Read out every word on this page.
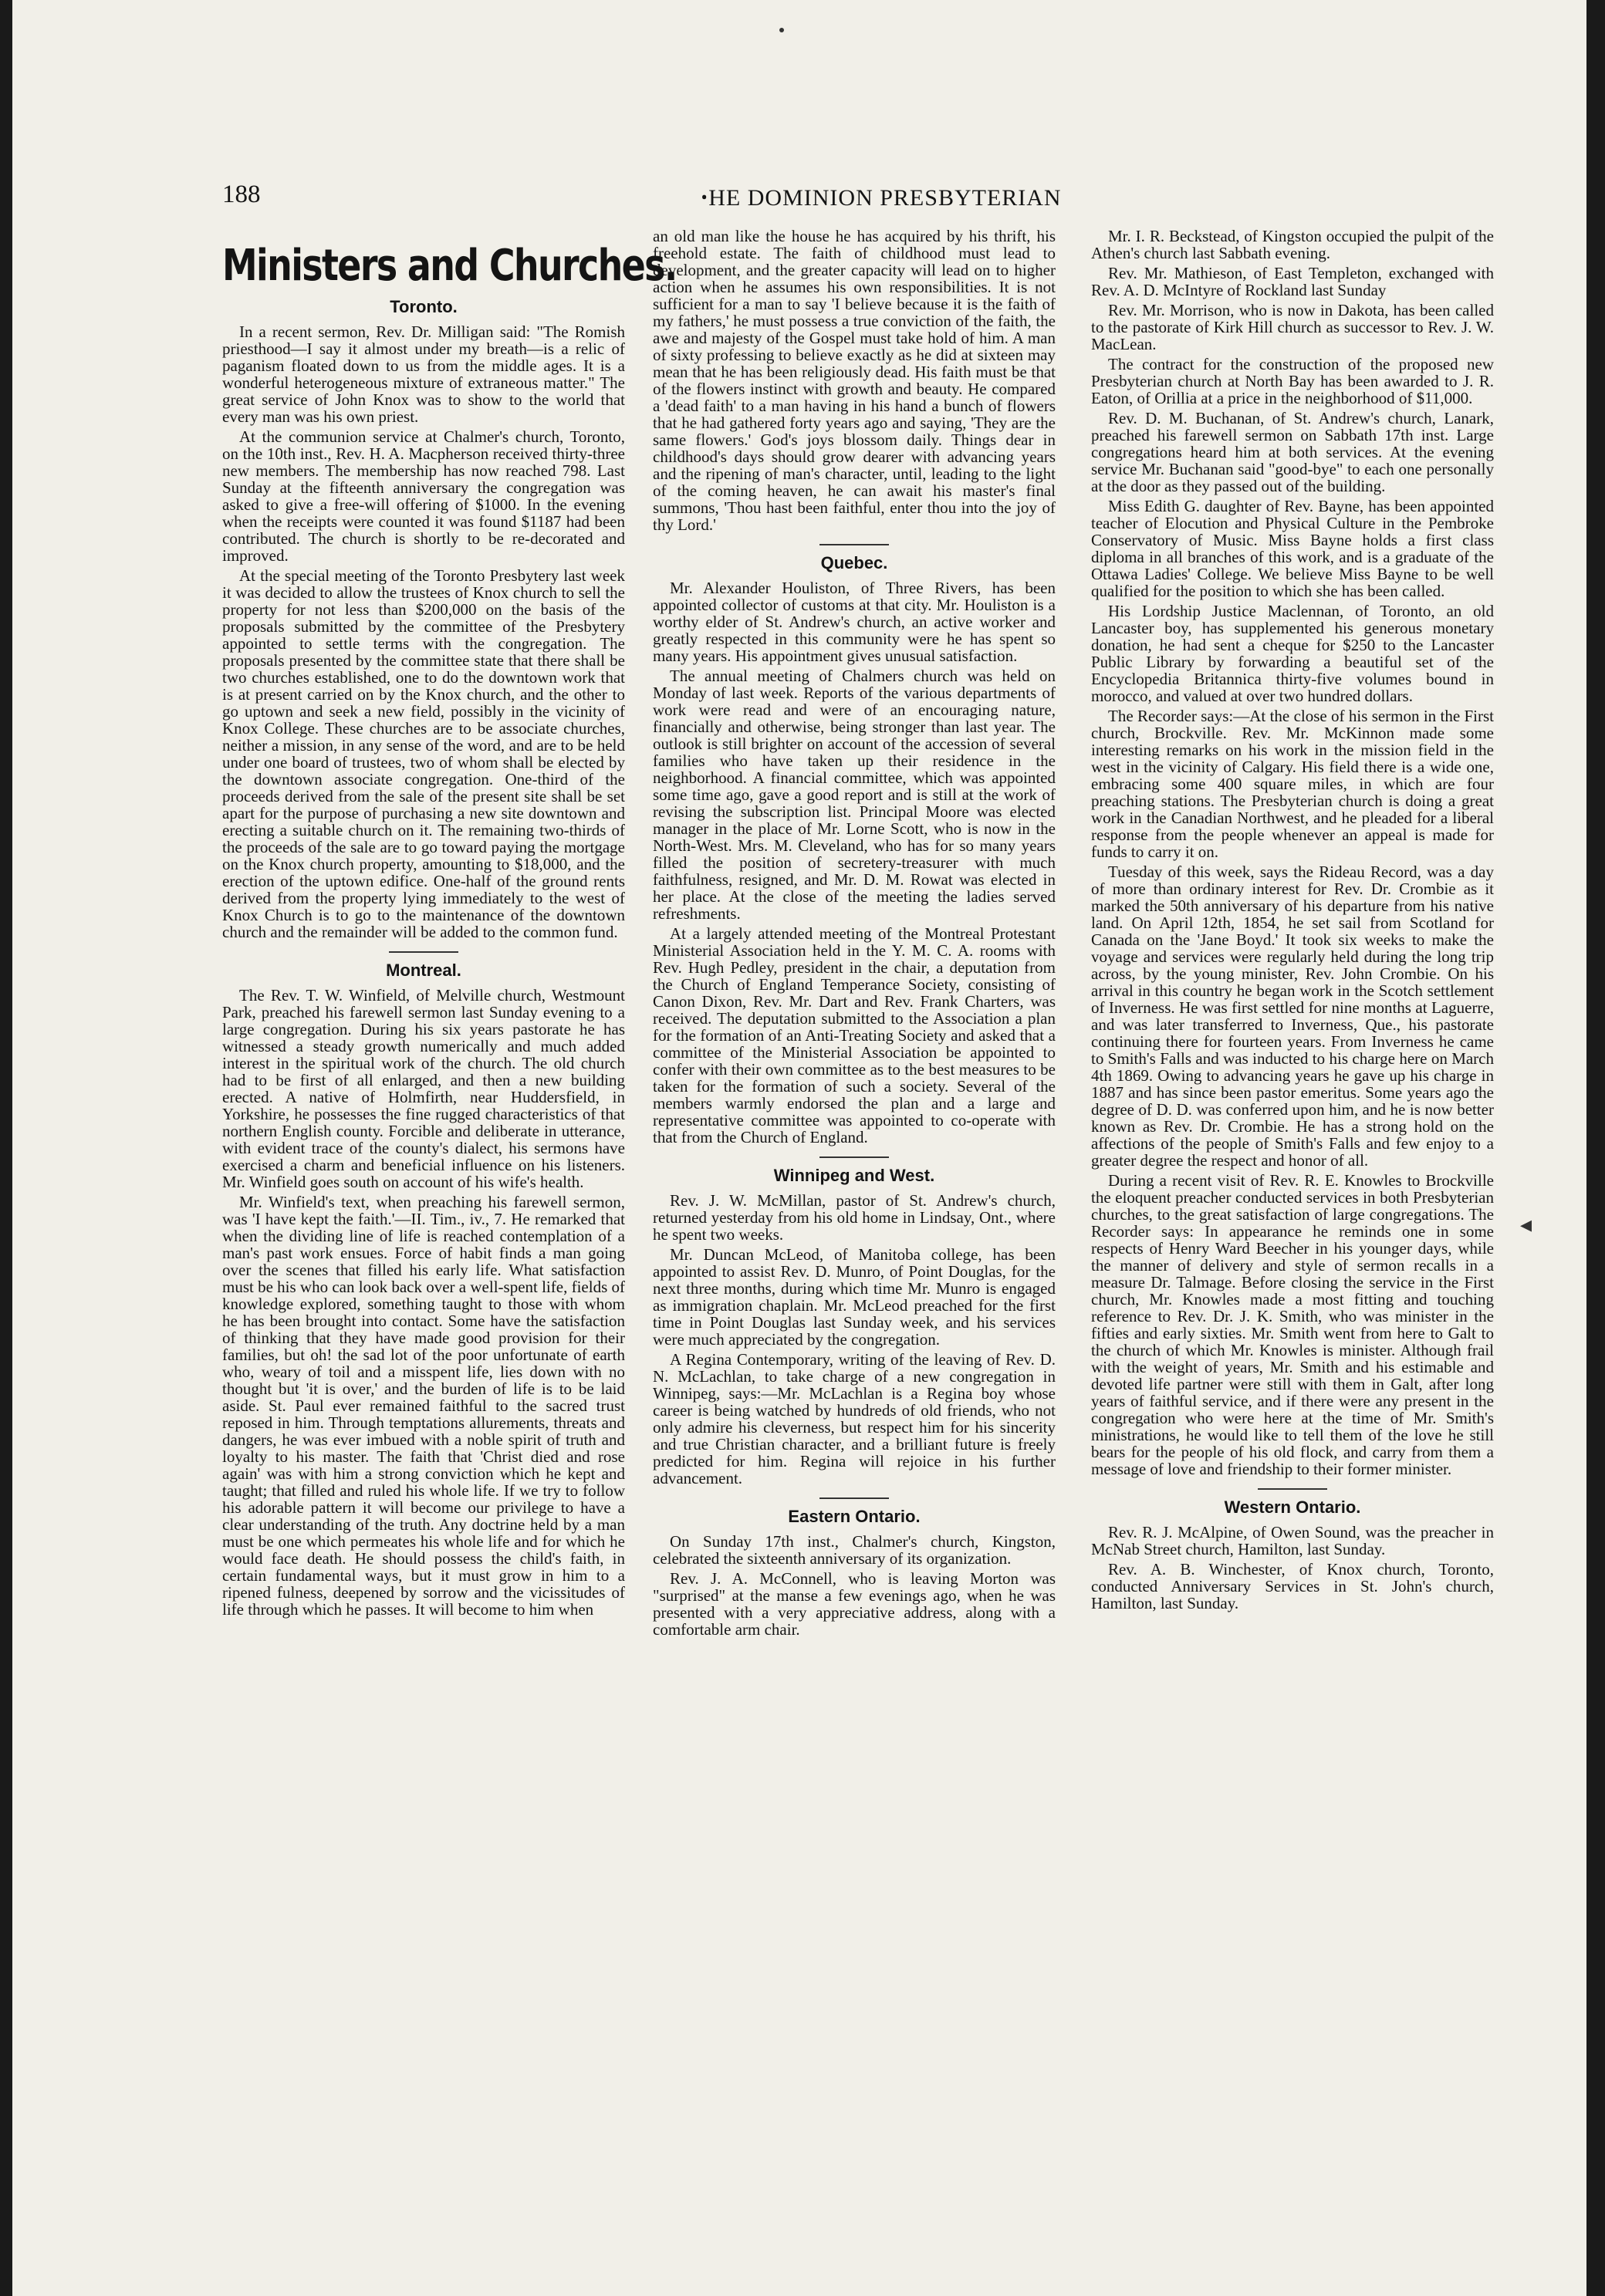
188	ꞏHE DOMINION PRESBYTERIAN
Ministers and Churches.
Toronto.

In a recent sermon, Rev. Dr. Milligan said: "The Romish priesthood—I say it almost under my breath—is a relic of paganism floated down to us from the middle ages. It is a wonderful heterogeneous mixture of extraneous matter." The great service of John Knox was to show to the world that every man was his own priest.

At the communion service at Chalmer's church, Toronto, on the 10th inst., Rev. H. A. Macpherson received thirty-three new members. The membership has now reached 798. Last Sunday at the fifteenth anniversary the congregation was asked to give a free-will offering of $1000. In the evening when the receipts were counted it was found $1187 had been contributed. The church is shortly to be re-decorated and improved.

At the special meeting of the Toronto Presbytery last week it was decided to allow the trustees of Knox church to sell the property for not less than $200,000 on the basis of the proposals submitted by the committee of the Presbytery appointed to settle terms with the congregation. The proposals presented by the committee state that there shall be two churches established, one to do the downtown work that is at present carried on by the Knox church, and the other to go uptown and seek a new field, possibly in the vicinity of Knox College. These churches are to be associate churches, neither a mission, in any sense of the word, and are to be held under one board of trustees, two of whom shall be elected by the downtown associate congregation. One-third of the proceeds derived from the sale of the present site shall be set apart for the purpose of purchasing a new site downtown and erecting a suitable church on it. The remaining two-thirds of the proceeds of the sale are to go toward paying the mortgage on the Knox church property, amounting to $18,000, and the erection of the uptown edifice. One-half of the ground rents derived from the property lying immediately to the west of Knox Church is to go to the maintenance of the downtown church and the remainder will be added to the common fund.

Montreal.

The Rev. T. W. Winfield, of Melville church, Westmount Park, preached his farewell sermon last Sunday evening to a large congregation. During his six years pastorate he has witnessed a steady growth numerically and much added interest in the spiritual work of the church. The old church had to be first of all enlarged, and then a new building erected. A native of Holmfirth, near Huddersfield, in Yorkshire, he possesses the fine rugged characteristics of that northern English county. Forcible and deliberate in utterance, with evident trace of the county's dialect, his sermons have exercised a charm and beneficial influence on his listeners. Mr. Winfield goes south on account of his wife's health.

Mr. Winfield's text, when preaching his farewell sermon, was 'I have kept the faith.'—II. Tim., iv., 7. He remarked that when the dividing line of life is reached contemplation of a man's past work ensues. Force of habit finds a man going over the scenes that filled his early life. What satisfaction must be his who can look back over a well-spent life, fields of knowledge explored, something taught to those with whom he has been brought into contact. Some have the satisfaction of thinking that they have made good provision for their families, but oh! the sad lot of the poor unfortunate of earth who, weary of toil and a misspent life, lies down with no thought but 'it is over,' and the burden of life is to be laid aside. St. Paul ever remained faithful to the sacred trust reposed in him. Through temptations allurements, threats and dangers, he was ever imbued with a noble spirit of truth and loyalty to his master. The faith that 'Christ died and rose again' was with him a strong conviction which he kept and taught; that filled and ruled his whole life. If we try to follow his adorable pattern it will become our privilege to have a clear understanding of the truth. Any doctrine held by a man must be one which permeates his whole life and for which he would face death. He should possess the child's faith, in certain fundamental ways, but it must grow in him to a ripened fulness, deepened by sorrow and the vicissitudes of life through which he passes. It will become to him when

an old man like the house he has acquired by his thrift, his freehold estate. The faith of childhood must lead to development, and the greater capacity will lead on to higher action when he assumes his own responsibilities. It is not sufficient for a man to say 'I believe because it is the faith of my fathers,' he must possess a true conviction of the faith, the awe and majesty of the Gospel must take hold of him. A man of sixty professing to believe exactly as he did at sixteen may mean that he has been religiously dead. His faith must be that of the flowers instinct with growth and beauty. He compared a 'dead faith' to a man having in his hand a bunch of flowers that he had gathered forty years ago and saying, 'They are the same flowers.' God's joys blossom daily. Things dear in childhood's days should grow dearer with advancing years and the ripening of man's character, until, leading to the light of the coming heaven, he can await his master's final summons, 'Thou hast been faithful, enter thou into the joy of thy Lord.'

Quebec.

Mr. Alexander Houliston, of Three Rivers, has been appointed collector of customs at that city. Mr. Houliston is a worthy elder of St. Andrew's church, an active worker and greatly respected in this community were he has spent so many years. His appointment gives unusual satisfaction.

The annual meeting of Chalmers church was held on Monday of last week. Reports of the various departments of work were read and were of an encouraging nature, financially and otherwise, being stronger than last year. The outlook is still brighter on account of the accession of several families who have taken up their residence in the neighborhood. A financial committee, which was appointed some time ago, gave a good report and is still at the work of revising the subscription list. Principal Moore was elected manager in the place of Mr. Lorne Scott, who is now in the North-West. Mrs. M. Cleveland, who has for so many years filled the position of secretery-treasurer with much faithfulness, resigned, and Mr. D. M. Rowat was elected in her place. At the close of the meeting the ladies served refreshments.

At a largely attended meeting of the Montreal Protestant Ministerial Association held in the Y. M. C. A. rooms with Rev. Hugh Pedley, president in the chair, a deputation from the Church of England Temperance Society, consisting of Canon Dixon, Rev. Mr. Dart and Rev. Frank Charters, was received. The deputation submitted to the Association a plan for the formation of an Anti-Treating Society and asked that a committee of the Ministerial Association be appointed to confer with their own committee as to the best measures to be taken for the formation of such a society. Several of the members warmly endorsed the plan and a large and representative committee was appointed to co-operate with that from the Church of England.

Winnipeg and West.

Rev. J. W. McMillan, pastor of St. Andrew's church, returned yesterday from his old home in Lindsay, Ont., where he spent two weeks.

Mr. Duncan McLeod, of Manitoba college, has been appointed to assist Rev. D. Munro, of Point Douglas, for the next three months, during which time Mr. Munro is engaged as immigration chaplain. Mr. McLeod preached for the first time in Point Douglas last Sunday week, and his services were much appreciated by the congregation.

A Regina Contemporary, writing of the leaving of Rev. D. N. McLachlan, to take charge of a new congregation in Winnipeg, says:—Mr. McLachlan is a Regina boy whose career is being watched by hundreds of old friends, who not only admire his cleverness, but respect him for his sincerity and true Christian character, and a brilliant future is freely predicted for him. Regina will rejoice in his further advancement.

Eastern Ontario.

On Sunday 17th inst., Chalmer's church, Kingston, celebrated the sixteenth anniversary of its organization.

Rev. J. A. McConnell, who is leaving Morton was "surprised" at the manse a few evenings ago, when he was presented with a very appreciative address, along with a comfortable arm chair.

Mr. I. R. Beckstead, of Kingston occupied the pulpit of the Athen's church last Sabbath evening.

Rev. Mr. Mathieson, of East Templeton, exchanged with Rev. A. D. McIntyre of Rockland last Sunday

Rev. Mr. Morrison, who is now in Dakota, has been called to the pastorate of Kirk Hill church as successor to Rev. J. W. MacLean.

The contract for the construction of the proposed new Presbyterian church at North Bay has been awarded to J. R. Eaton, of Orillia at a price in the neighborhood of $11,000.

Rev. D. M. Buchanan, of St. Andrew's church, Lanark, preached his farewell sermon on Sabbath 17th inst. Large congregations heard him at both services. At the evening service Mr. Buchanan said "good-bye" to each one personally at the door as they passed out of the building.

Miss Edith G. daughter of Rev. Bayne, has been appointed teacher of Elocution and Physical Culture in the Pembroke Conservatory of Music. Miss Bayne holds a first class diploma in all branches of this work, and is a graduate of the Ottawa Ladies' College. We believe Miss Bayne to be well qualified for the position to which she has been called.

His Lordship Justice Maclennan, of Toronto, an old Lancaster boy, has supplemented his generous monetary donation, he had sent a cheque for $250 to the Lancaster Public Library by forwarding a beautiful set of the Encyclopedia Britannica thirty-five volumes bound in morocco, and valued at over two hundred dollars.

The Recorder says:—At the close of his sermon in the First church, Brockville. Rev. Mr. McKinnon made some interesting remarks on his work in the mission field in the west in the vicinity of Calgary. His field there is a wide one, embracing some 400 square miles, in which are four preaching stations. The Presbyterian church is doing a great work in the Canadian Northwest, and he pleaded for a liberal response from the people whenever an appeal is made for funds to carry it on.

Tuesday of this week, says the Rideau Record, was a day of more than ordinary interest for Rev. Dr. Crombie as it marked the 50th anniversary of his departure from his native land. On April 12th, 1854, he set sail from Scotland for Canada on the 'Jane Boyd.' It took six weeks to make the voyage and services were regularly held during the long trip across, by the young minister, Rev. John Crombie. On his arrival in this country he began work in the Scotch settlement of Inverness. He was first settled for nine months at Laguerre, and was later transferred to Inverness, Que., his pastorate continuing there for fourteen years. From Inverness he came to Smith's Falls and was inducted to his charge here on March 4th 1869. Owing to advancing years he gave up his charge in 1887 and has since been pastor emeritus. Some years ago the degree of D. D. was conferred upon him, and he is now better known as Rev. Dr. Crombie. He has a strong hold on the affections of the people of Smith's Falls and few enjoy to a greater degree the respect and honor of all.

During a recent visit of Rev. R. E. Knowles to Brockville the eloquent preacher conducted services in both Presbyterian churches, to the great satisfaction of large congregations. The Recorder says: In appearance he reminds one in some respects of Henry Ward Beecher in his younger days, while the manner of delivery and style of sermon recalls in a measure Dr. Talmage. Before closing the service in the First church, Mr. Knowles made a most fitting and touching reference to Rev. Dr. J. K. Smith, who was minister in the fifties and early sixties. Mr. Smith went from here to Galt to the church of which Mr. Knowles is minister. Although frail with the weight of years, Mr. Smith and his estimable and devoted life partner were still with them in Galt, after long years of faithful service, and if there were any present in the congregation who were here at the time of Mr. Smith's ministrations, he would like to tell them of the love he still bears for the people of his old flock, and carry from them a message of love and friendship to their former minister.

Western Ontario.

Rev. R. J. McAlpine, of Owen Sound, was the preacher in McNab Street church, Hamilton, last Sunday.

Rev. A. B. Winchester, of Knox church, Toronto, conducted Anniversary Services in St. John's church, Hamilton, last Sunday.

◂
